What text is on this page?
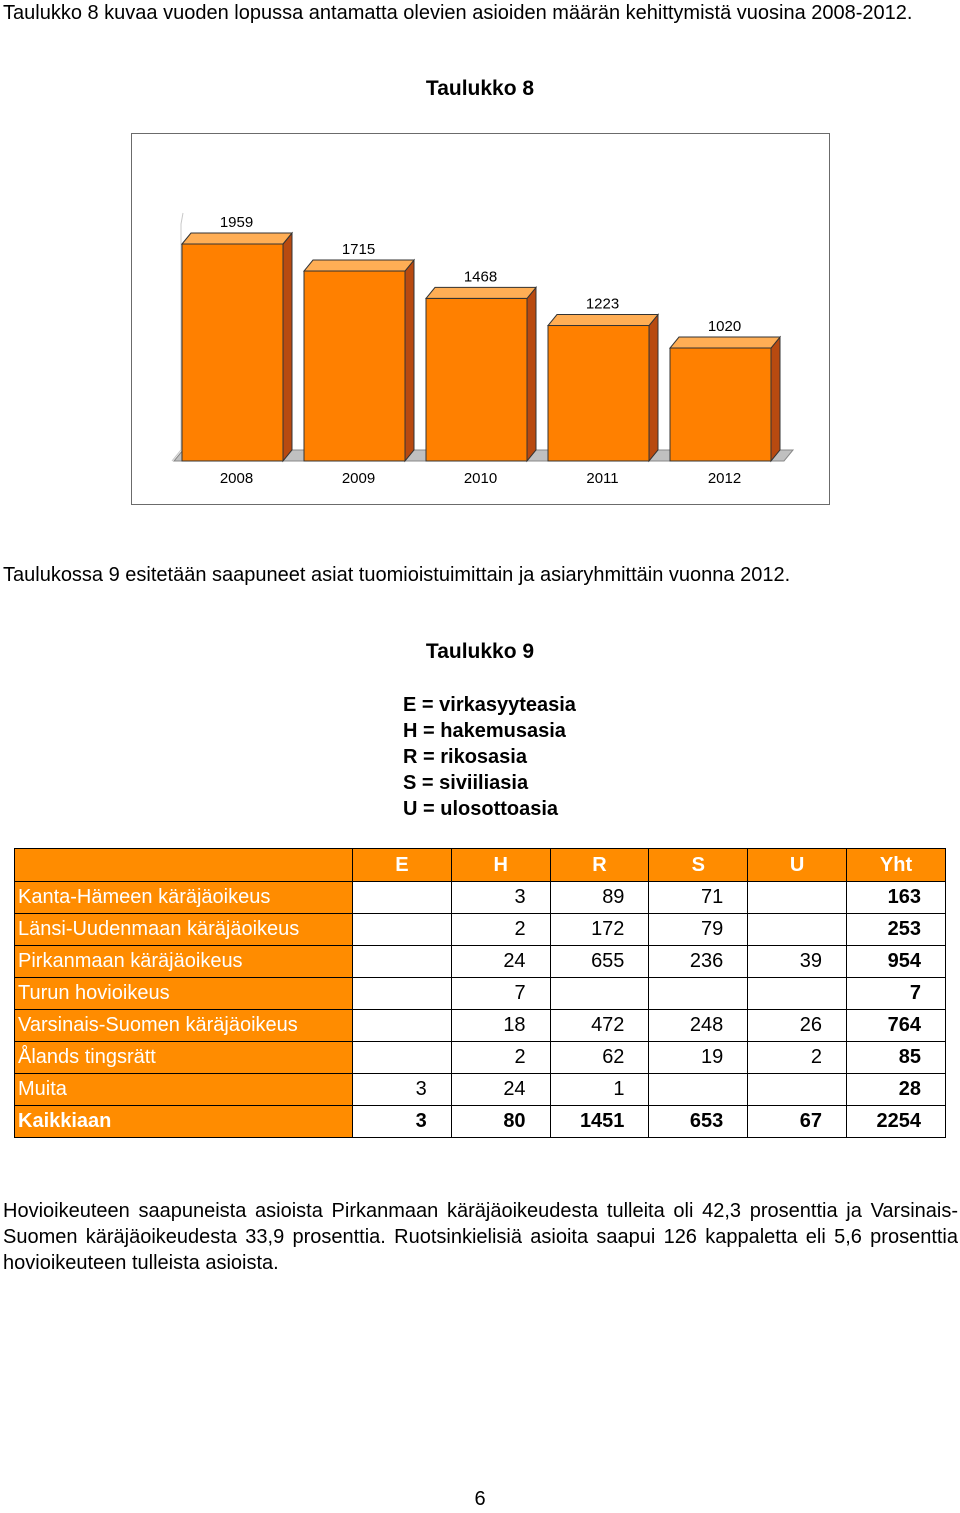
Taulukko 8 kuvaa vuoden lopussa antamatta olevien asioiden määrän kehittymistä vuosina 2008-2012.

Taulukko 8
1959
2008
1715
2009
1468
2010
1223
2011
1020
2012

Taulukossa 9 esitetään saapuneet asiat tuomioistuimittain ja asiaryhmittäin vuonna 2012.

Taulukko 9
E = virkasyyteasia
H = hakemusasia
R = rikosasia
S = siviiliasia
U = ulosottoasia
	E	H	R	S	U	Yht
Kanta-Hämeen käräjäoikeus		3	89	71		163
Länsi-Uudenmaan käräjäoikeus		2	172	79		253
Pirkanmaan käräjäoikeus		24	655	236	39	954
Turun hovioikeus		7				7
Varsinais-Suomen käräjäoikeus		18	472	248	26	764
Ålands tingsrätt		2	62	19	2	85
Muita	3	24	1			28
Kaikkiaan	3	80	1451	653	67	2254

Hovioikeuteen saapuneista asioista Pirkanmaan käräjäoikeudesta tulleita oli 42,3 prosenttia ja Varsinais-Suomen käräjäoikeudesta 33,9 prosenttia. Ruotsinkielisiä asioita saapui 126 kappaletta eli 5,6 prosenttia hovioikeuteen tulleista asioista.

6
